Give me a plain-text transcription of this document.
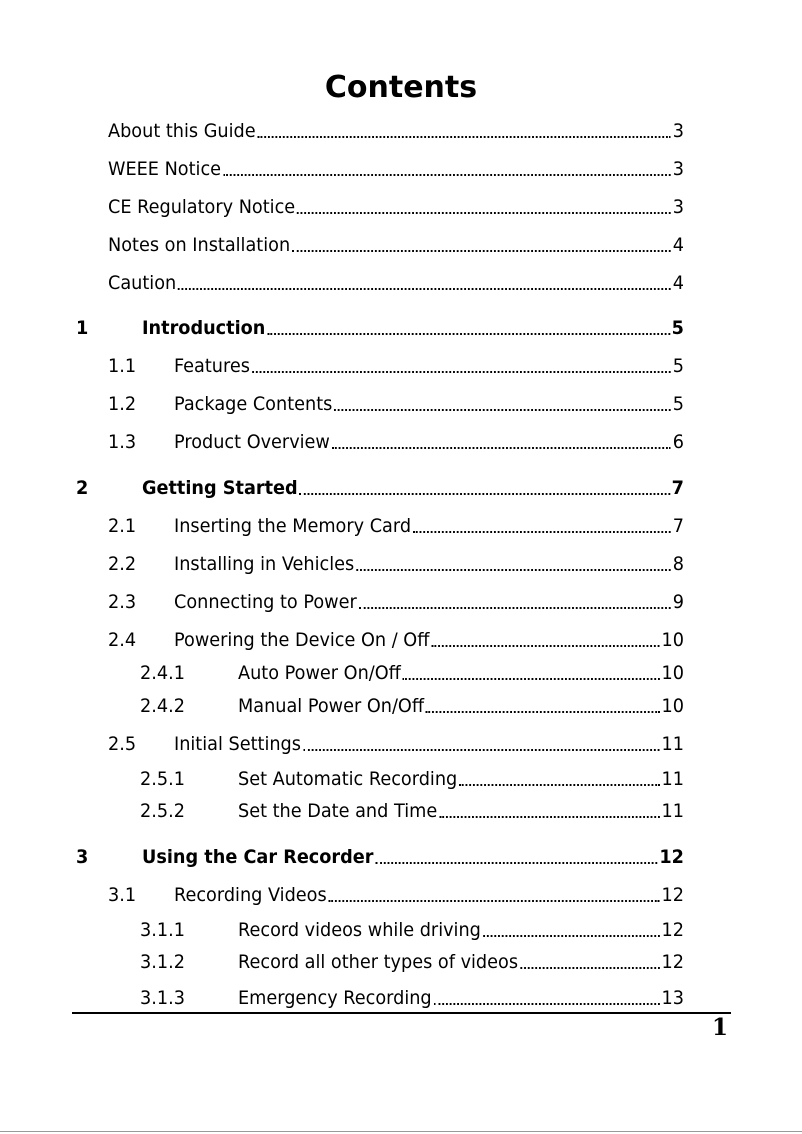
Contents
About this Guide	3
WEEE Notice	3
CE Regulatory Notice	3
Notes on Installation	4
Caution	4
1	Introduction	5
1.1	Features	5
1.2	Package Contents	5
1.3	Product Overview	6
2	Getting Started	7
2.1	Inserting the Memory Card	7
2.2	Installing in Vehicles	8
2.3	Connecting to Power	9
2.4	Powering the Device On / Off	10
2.4.1	Auto Power On/Off	10
2.4.2	Manual Power On/Off	10
2.5	Initial Settings	11
2.5.1	Set Automatic Recording	11
2.5.2	Set the Date and Time	11
3	Using the Car Recorder	12
3.1	Recording Videos	12
3.1.1	Record videos while driving	12
3.1.2	Record all other types of videos	12
3.1.3	Emergency Recording	13
1
